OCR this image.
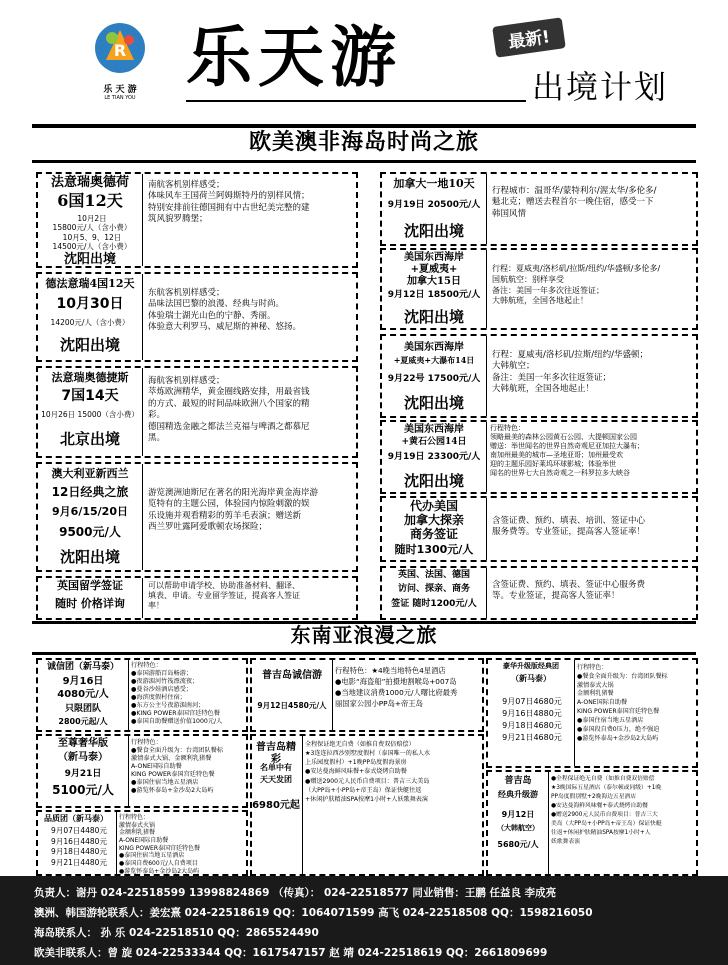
R
乐 天 游
LE TIAN YOU
乐天游	最新!
出境计划
欧美澳非海岛时尚之旅
法意瑞奥德荷
6国12天
10月2日
15800元/人（含小费）
10月5、9、12日
14500元/人（含小费）
沈阳出境
南航客机别样感受；
体味风车王国荷兰阿姆斯特丹的别样风情；
特别安排前往德国拥有中古世纪美完整的建
筑风貌罗腾堡；
德法意瑞4国12天
10月30日
14200元/人（含小费）
沈阳出境
东航客机别样感受；
品味法国巴黎的浪漫、经典与时尚。
体验瑞士湖光山色的宁静、秀丽。
体验意大利罗马、威尼斯的神秘、悠扬。
法意瑞奥德捷斯
7国14天
10月26日 15000（含小费）
北京出境
海航客机别样感受；
萃炼欧洲精华，黄金圈线路安排，用最省钱
的方式、最短的时间品味欧洲八个国家的精
彩。
德国精选金融之都法兰克福与啤酒之都慕尼
黑。
澳大利亚新西兰
12日经典之旅
9月6/15/20日
9500元/人
沈阳出境
游览澳洲迪斯尼在著名的阳光海岸黄金海岸游
览特有的主题公园，体验园内惊险刺激的娱
乐设施并观看精彩的剪羊毛表演；赠送新
西兰罗吐露阿爱歌顿农场探险；
英国留学签证
随时 价格详询
可以帮助申请学校、协助准备材料、翻译、
填表、申请。专业留学签证，提高客人签证
率！
加拿大一地10天
9月19日 20500元/人
沈阳出境
行程城市：温哥华/蒙特利尔/渥太华/多伦多/
魁北克；赠送去程首尔一晚住宿，感受一下
韩国风情
美国东西海岸
+夏威夷+
加拿大15日
9月12日 18500元/人
沈阳出境
行程：夏威夷/洛杉矶/拉斯/纽约/华盛顿/多伦多/
国航航空：别样享受
备注：美国一年多次往返签证；
大韩航班，全国各地起止！
美国东西海岸
+夏威夷+大瀑布14日
9月22号 17500元/人
沈阳出境
行程：夏威夷/洛杉矶/拉斯/纽约/华盛顿；
大韩航空；
备注：美国一年多次往返签证；
大韩航班，全国各地起止！
美国东西海岸
+黄石公园14日
9月19日 23300元/人
沈阳出境
行程特色：
领略最美的森林公园黄石公园、大提顿国家公园
赠送：举世闻名的世界自然奇观尼亚加拉大瀑布；
南加州最美的城市—圣地亚哥；加州最受欢
迎的主题乐园好莱坞环球影城；体验举世
闻名的世界七大自然奇观之一科罗拉多大峡谷
代办美国
加拿大探亲
商务签证
随时1300元/人
含签证费、预约、填表、培训、签证中心
服务费等。专业签证，提高客人签证率！
英国、法国、德国
访问、探亲、商务
签证 随时1200元/人
含签证费、预约、填表、签证中心服务费
等。专业签证，提高客人签证率！
东南亚浪漫之旅
诚信团（新马泰）
9月16日
4080元/人
只限团队
2800元起/人
行程特色：
●泰国游船百岛畅游；
●夜游湄河竹筏漂流夜；
●曼谷沙娃酒店感受；
●海滨度假村住宿；
●东方公主号夜游湄南河；
●KING POWER泰国宫廷特色餐
●泰国自助餐赠送价值1000元/人
至尊奢华版
（新马泰）
9月21日
5100元/人
行程特色：
●餐食全面升级为：台湾团队餐标
激情泰式大锅、金额利乳猪餐
A-ONE国际自助餐
KING POWER泰国宫廷特色餐
●泰国住宿当地五星酒店
●游览怀泰岛+金沙岛2大岛屿
品质团（新马泰）
9月07日4480元
9月16日4480元
9月18日4480元
9月21日4480元
行程特色：
激情泰式火锅
金额利乳猪餐
A-ONE国际自助餐
KING POWER泰国宫廷特色餐
●泰国住宿当地五星酒店
●泰国自费600元/人自费项目
●游览怀泰岛+金沙岛2大岛屿
普吉岛诚信游
9月12日4580元/人
行程特色：★4晚当地特色4星酒店
●电影“海盗船”拍摄地割喉岛+007岛
●当地建议消费1000元/人曙比府最秀
丽国家公园小PP岛+帝王岛
普吉岛精彩
名单中有
天天发团
6980元起
全程保证绝无自费（如推自费双倍赔偿）
★3连连拉西沙别墅度假村（泰国唯一的私人水
上乐园度假村）+1晚PP岛度假海景房
●安达曼海鲜风味餐+泰式烧烤自助餐
●赠送2900元人民币自费项目：普吉三大美岛
（大PP岛+小PP岛+帝王岛）保证快艇往返
+休闲护肤精油SPA按摩1小时+人妖歌舞表演
豪华升级版经典团
（新马泰）
9月07日4680元
9月16日4880元
9月18日4680元
9月21日4680元
行程特色：
●餐食全面升级为：台湾团队餐标
激情泰式大锅
金额利乳猪餐
A-ONE国际自助餐
KING POWER泰国宫廷特色餐
●泰国住宿当地五星酒店
●泰国段自费0压力，绝不强迫
●游览怀泰岛+金沙岛2大岛屿
普吉岛
经典升级游
9月12日
（大韩航空）
5680元/人
●全程保证绝无自费（如推自费双倍赔偿
★3晚国际五星酒店（泰尔顿或同级）+1晚
PP岛度假别墅+2晚海边五星酒店
●安达曼海鲜风味餐+泰式烧烤自助餐
●赠送2900元人民币自费项目：普吉三大
美岛（大PP岛+小PP岛+帝王岛）保证快艇
往返+休闲护肤精油SPA按摩1小时+人
妖歌舞表演
负责人：谢丹 024-22518599 13998824869 （传真）： 024-22518577 同业销售：王鹏 任益良 李成亮
澳洲、韩国游轮联系人：姜宏熹 024-22518619 QQ：1064071599 高飞 024-22518508 QQ：1598216050
海岛联系人： 孙 乐 024-22518510 QQ：2865524490
欧美非联系人：曾 旋 024-22533344 QQ：1617547157 赵 靖 024-22518619 QQ：2661809699
